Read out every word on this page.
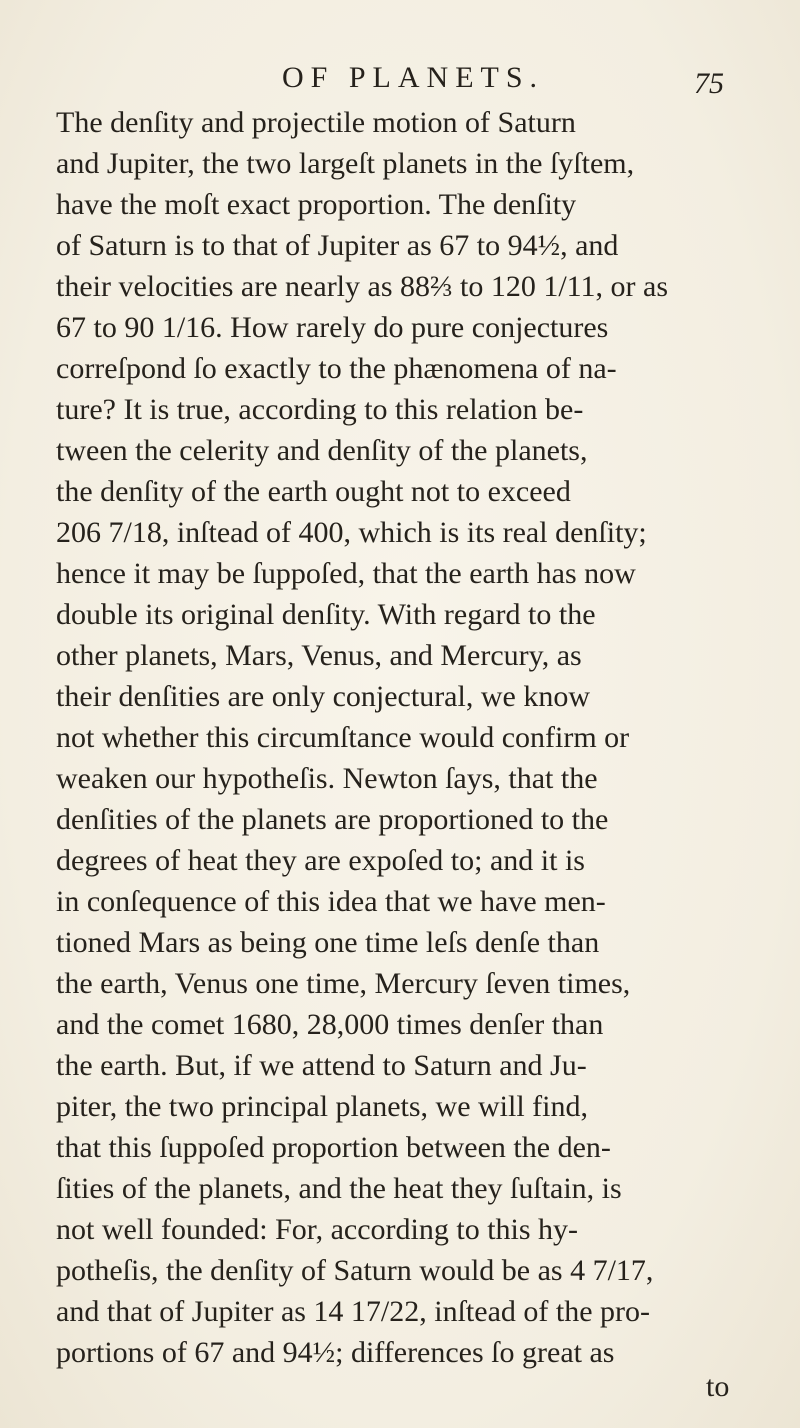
OF PLANETS.	75
The denſity and projectile motion of Saturn
and Jupiter, the two largeſt planets in the ſyſtem,
have the moſt exact proportion. The denſity
of Saturn is to that of Jupiter as 67 to 94½, and
their velocities are nearly as 88⅔ to 120 1/11, or as
67 to 90 1/16. How rarely do pure conjectures
correſpond ſo exactly to the phænomena of na-
ture? It is true, according to this relation be-
tween the celerity and denſity of the planets,
the denſity of the earth ought not to exceed
206 7/18, inſtead of 400, which is its real denſity;
hence it may be ſuppoſed, that the earth has now
double its original denſity. With regard to the
other planets, Mars, Venus, and Mercury, as
their denſities are only conjectural, we know
not whether this circumſtance would confirm or
weaken our hypotheſis. Newton ſays, that the
denſities of the planets are proportioned to the
degrees of heat they are expoſed to; and it is
in conſequence of this idea that we have men-
tioned Mars as being one time leſs denſe than
the earth, Venus one time, Mercury ſeven times,
and the comet 1680, 28,000 times denſer than
the earth. But, if we attend to Saturn and Ju-
piter, the two principal planets, we will find,
that this ſuppoſed proportion between the den-
ſities of the planets, and the heat they ſuſtain, is
not well founded: For, according to this hy-
potheſis, the denſity of Saturn would be as 4 7/17,
and that of Jupiter as 14 17/22, inſtead of the pro-
portions of 67 and 94½; differences ſo great as
to
